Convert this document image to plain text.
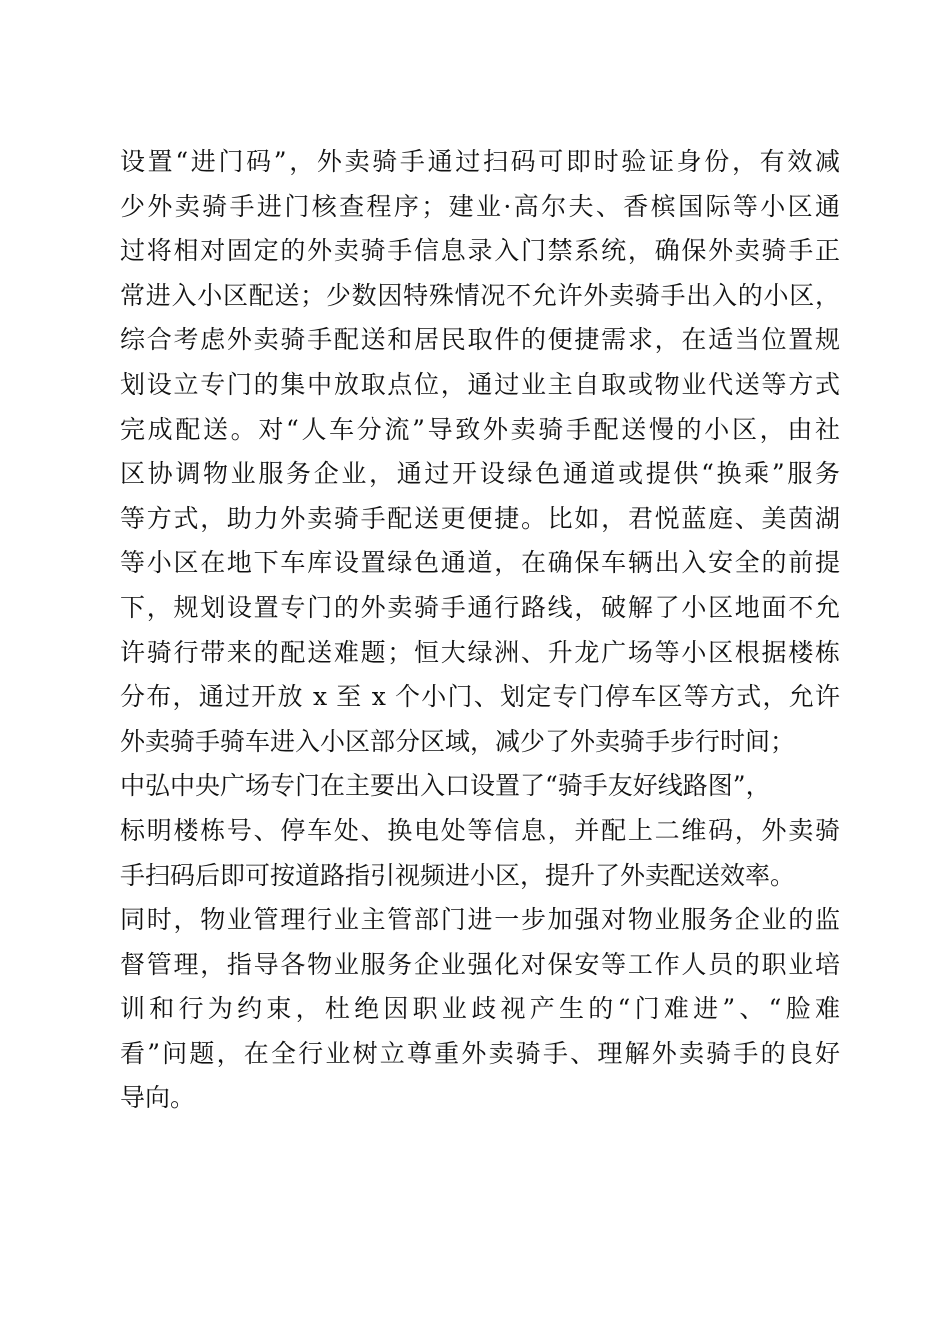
设置“进门码”，外卖骑手通过扫码可即时验证身份，有效减
少外卖骑手进门核查程序；建业·高尔夫、香槟国际等小区通
过将相对固定的外卖骑手信息录入门禁系统，确保外卖骑手正
常进入小区配送；少数因特殊情况不允许外卖骑手出入的小区，
综合考虑外卖骑手配送和居民取件的便捷需求，在适当位置规
划设立专门的集中放取点位，通过业主自取或物业代送等方式
完成配送。对“人车分流”导致外卖骑手配送慢的小区，由社
区协调物业服务企业，通过开设绿色通道或提供“换乘”服务
等方式，助力外卖骑手配送更便捷。比如，君悦蓝庭、美茵湖
等小区在地下车库设置绿色通道，在确保车辆出入安全的前提
下，规划设置专门的外卖骑手通行路线，破解了小区地面不允
许骑行带来的配送难题；恒大绿洲、升龙广场等小区根据楼栋
分布，通过开放 x 至 x 个小门、划定专门停车区等方式，允许
外卖骑手骑车进入小区部分区域，减少了外卖骑手步行时间；
中弘中央广场专门在主要出入口设置了“骑手友好线路图”，
标明楼栋号、停车处、换电处等信息，并配上二维码，外卖骑
手扫码后即可按道路指引视频进小区，提升了外卖配送效率。
同时，物业管理行业主管部门进一步加强对物业服务企业的监
督管理，指导各物业服务企业强化对保安等工作人员的职业培
训和行为约束，杜绝因职业歧视产生的“门难进”、“脸难
看”问题，在全行业树立尊重外卖骑手、理解外卖骑手的良好
导向。
